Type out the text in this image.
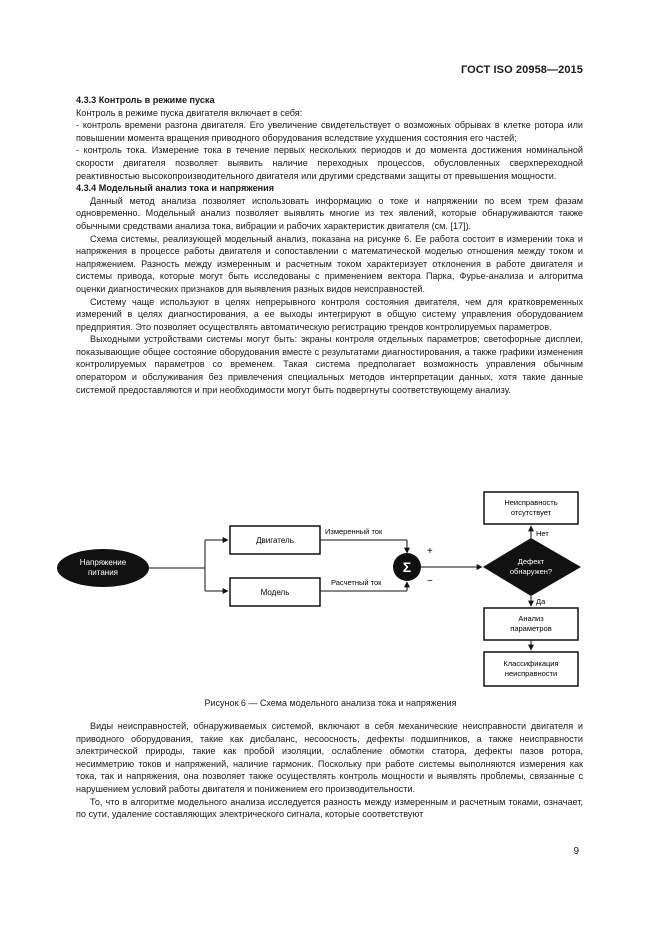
ГОСТ ISO 20958—2015

4.3.3 Контроль в режиме пуска

Контроль в режиме пуска двигателя включает в себя:

- контроль времени разгона двигателя. Его увеличение свидетельствует о возможных обрывах в клетке ротора или повышении момента вращения приводного оборудования вследствие ухудшения состояния его частей;

- контроль тока. Измерение тока в течение первых нескольких периодов и до момента достижения номинальной скорости двигателя позволяет выявить наличие переходных процессов, обусловленных сверхпереходной реактивностью высокопроизводительного двигателя или другими средствами защиты от превышения мощности.

4.3.4 Модельный анализ тока и напряжения

Данный метод анализа позволяет использовать информацию о токе и напряжении по всем трем фазам одновременно. Модельный анализ позволяет выявлять многие из тех явлений, которые обнаруживаются также обычными средствами анализа тока, вибрации и рабочих характеристик двигателя (см. [17]).

Схема системы, реализующей модельный анализ, показана на рисунке 6. Ее работа состоит в измерении тока и напряжения в процессе работы двигателя и сопоставлении с математической моделью отношения между током и напряжением. Разность между измеренным и расчетным током характеризует отклонения в работе двигателя и системы привода, которые могут быть исследованы с применением вектора Парка, Фурье-анализа и алгоритма оценки диагностических признаков для выявления разных видов неисправностей.

Систему чаще используют в целях непрерывного контроля состояния двигателя, чем для кратковременных измерений в целях диагностирования, а ее выходы интегрируют в общую систему управления оборудованием предприятия. Это позволяет осуществлять автоматическую регистрацию трендов контролируемых параметров.

Выходными устройствами системы могут быть: экраны контроля отдельных параметров; светофорные дисплеи, показывающие общее состояние оборудования вместе с результатами диагностирования, а также графики изменения контролируемых параметров со временем. Такая система предполагает возможность управления обычным оператором и обслуживания без привлечения специальных методов интерпретации данных, хотя такие данные системой предоставляются и при необходимости могут быть подвергнуты соответствующему анализу.

Напряжение
питания
Двигатель
Модель
Измеренный ток
Расчетный ток
Σ
+
−
Дефект
обнаружен?
Неисправность
отсутствует
Нет
Да
Анализ
параметров
Классификация
неисправности
Рисунок 6 — Схема модельного анализа тока и напряжения

Виды неисправностей, обнаруживаемых системой, включают в себя механические неисправности двигателя и приводного оборудования, такие как дисбаланс, несоосность, дефекты подшипников, а также неисправности электрической природы, такие как пробой изоляции, ослабление обмотки статора, дефекты пазов ротора, несимметрию токов и напряжений, наличие гармоник. Поскольку при работе системы выполняются измерения как тока, так и напряжения, она позволяет также осуществлять контроль мощности и выявлять проблемы, связанные с нарушением условий работы двигателя и понижением его производительности.

То, что в алгоритме модельного анализа исследуется разность между измеренным и расчетным токами, означает, по сути, удаление составляющих электрического сигнала, которые соответствуют

9
